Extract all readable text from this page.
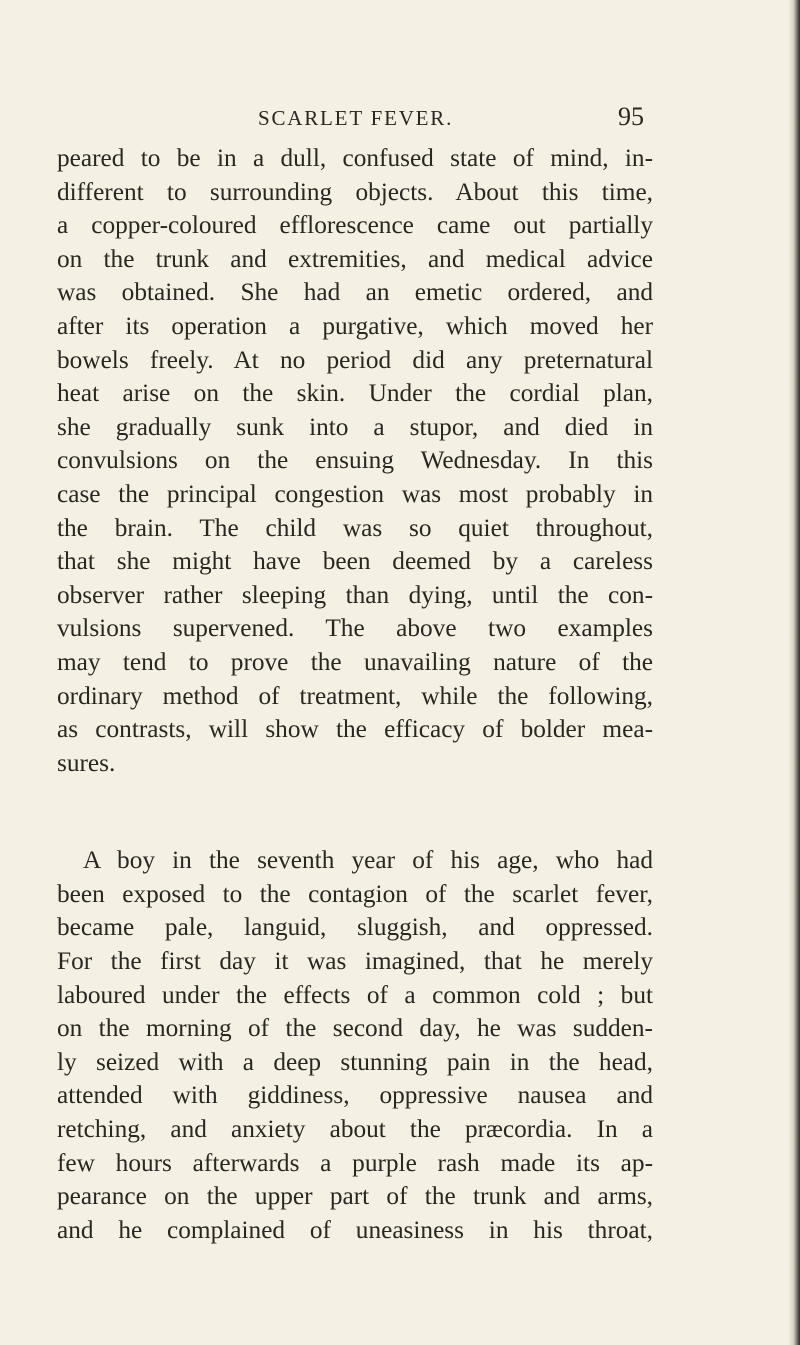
SCARLET FEVER.	95
peared to be in a dull, confused state of mind, in-
different to surrounding objects. About this time,
a copper-coloured efflorescence came out partially
on the trunk and extremities, and medical advice
was obtained. She had an emetic ordered, and
after its operation a purgative, which moved her
bowels freely. At no period did any preternatural
heat arise on the skin. Under the cordial plan,
she gradually sunk into a stupor, and died in
convulsions on the ensuing Wednesday. In this
case the principal congestion was most probably in
the brain. The child was so quiet throughout,
that she might have been deemed by a careless
observer rather sleeping than dying, until the con-
vulsions supervened. The above two examples
may tend to prove the unavailing nature of the
ordinary method of treatment, while the following,
as contrasts, will show the efficacy of bolder mea-
sures.
A boy in the seventh year of his age, who had
been exposed to the contagion of the scarlet fever,
became pale, languid, sluggish, and oppressed.
For the first day it was imagined, that he merely
laboured under the effects of a common cold ; but
on the morning of the second day, he was sudden-
ly seized with a deep stunning pain in the head,
attended with giddiness, oppressive nausea and
retching, and anxiety about the præcordia. In a
few hours afterwards a purple rash made its ap-
pearance on the upper part of the trunk and arms,
and he complained of uneasiness in his throat,
